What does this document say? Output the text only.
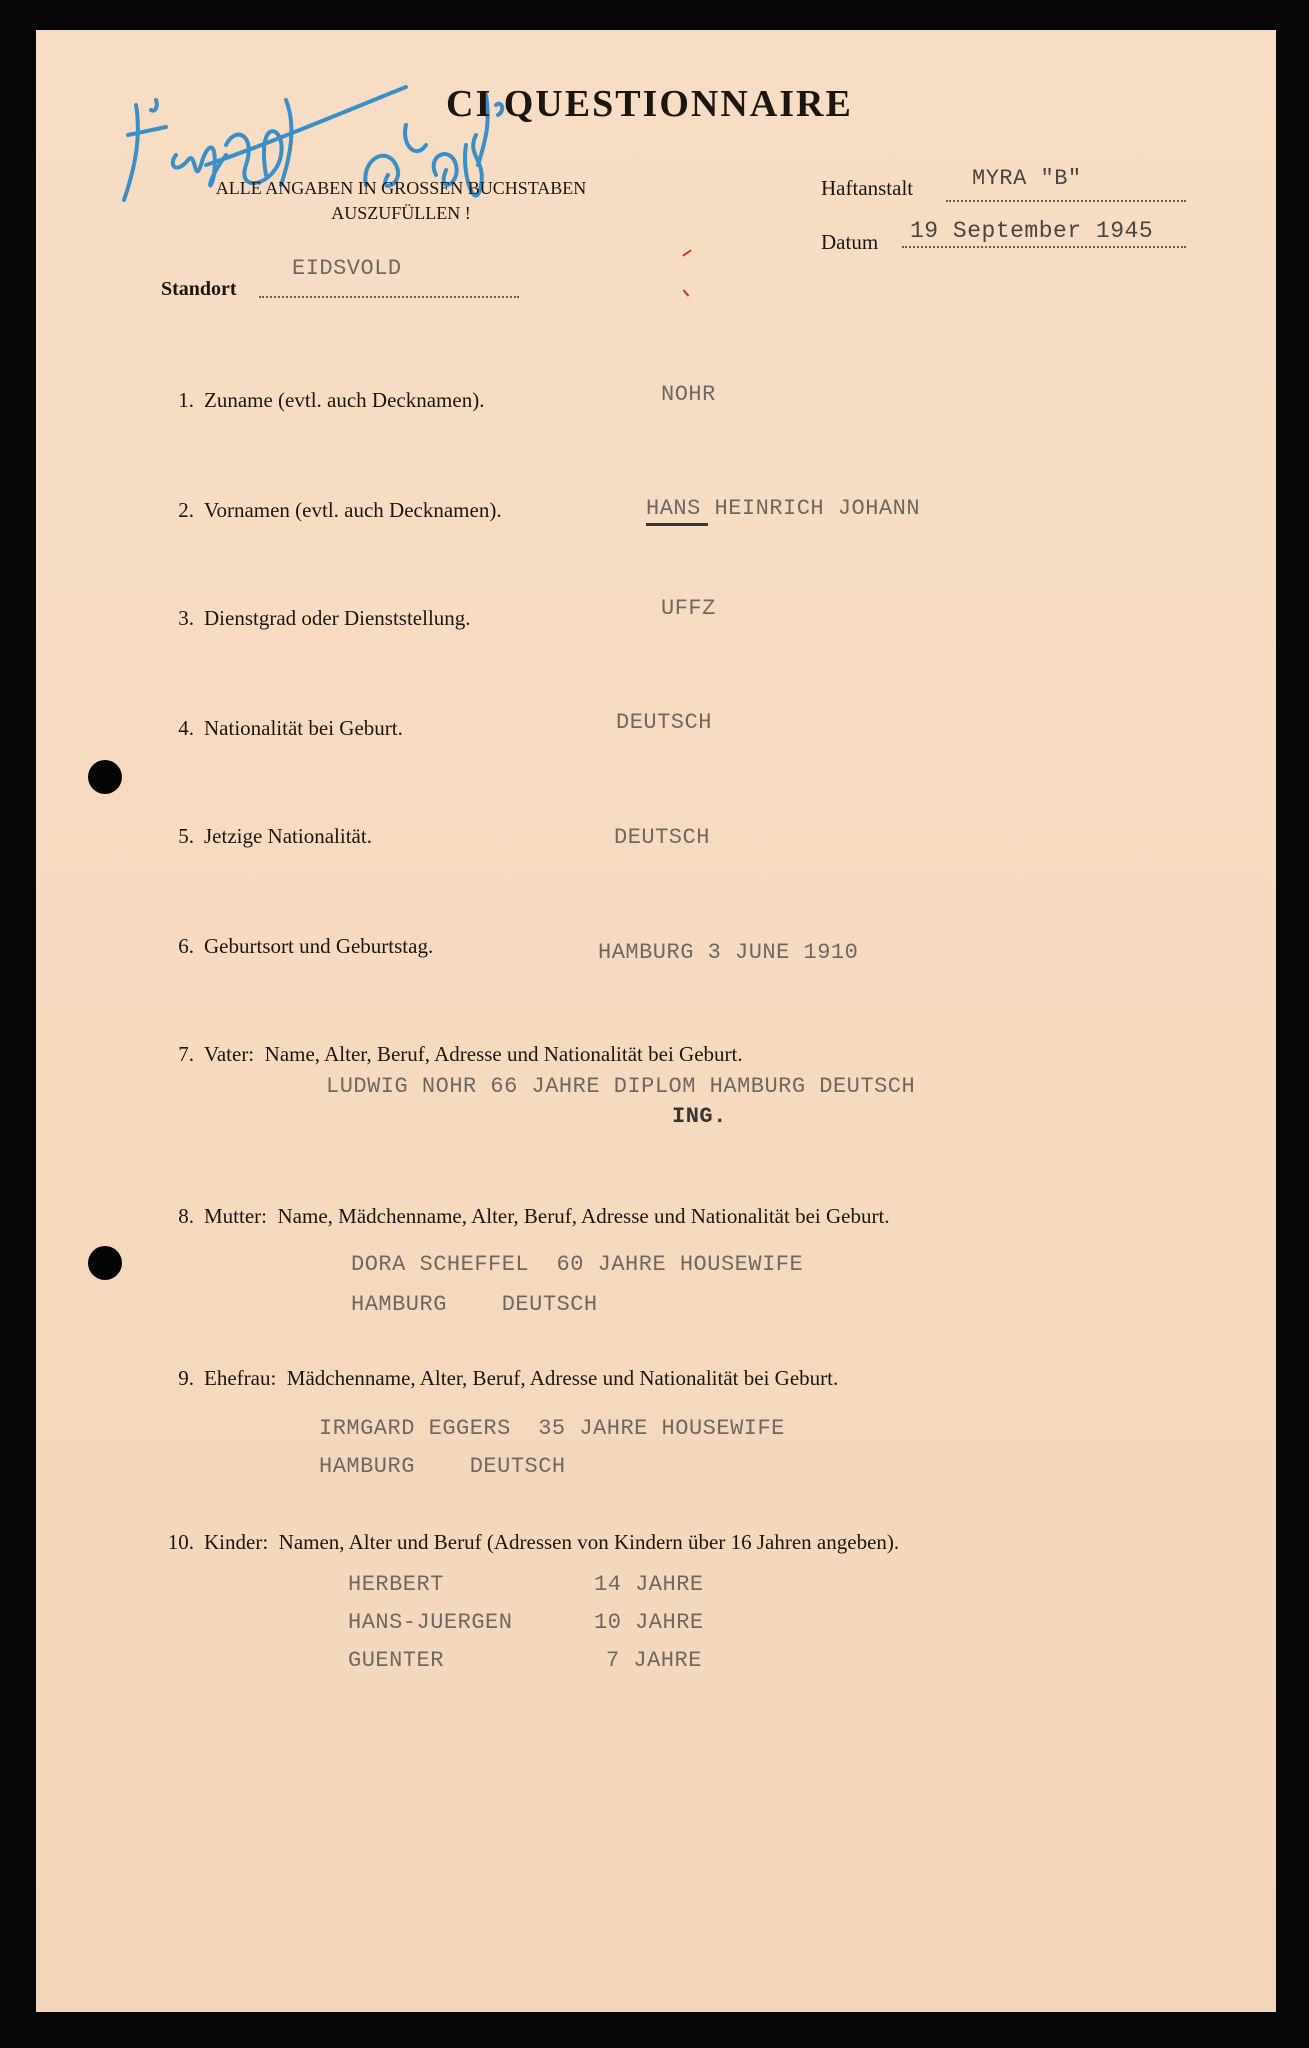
CI QUESTIONNAIRE
ALLE ANGABEN IN GROSSEN BUCHSTABEN
AUSZUFÜLLEN !
Haftanstalt	MYRA "B"
Datum 19 September 1945
Standort
EIDSVOLD
1. Zuname (evtl. auch Decknamen).	NOHR
2. Vornamen (evtl. auch Decknamen).	HANS HEINRICH JOHANN
3. Dienstgrad oder Dienststellung.	UFFZ
4. Nationalität bei Geburt.	DEUTSCH
5. Jetzige Nationalität.	DEUTSCH
6. Geburtsort und Geburtstag.	HAMBURG 3 JUNE 1910
7. Vater: Name, Alter, Beruf, Adresse und Nationalität bei Geburt.
LUDWIG NOHR 66 JAHRE DIPLOM HAMBURG DEUTSCH
ING.
8. Mutter: Name, Mädchenname, Alter, Beruf, Adresse und Nationalität bei Geburt.
DORA SCHEFFEL  60 JAHRE HOUSEWIFE
HAMBURG    DEUTSCH
9. Ehefrau: Mädchenname, Alter, Beruf, Adresse und Nationalität bei Geburt.
IRMGARD EGGERS  35 JAHRE HOUSEWIFE
HAMBURG    DEUTSCH
10. Kinder: Namen, Alter und Beruf (Adressen von Kindern über 16 Jahren angeben).
HERBERT	14 JAHRE
HANS-JUERGEN	10 JAHRE
GUENTER	7 JAHRE
